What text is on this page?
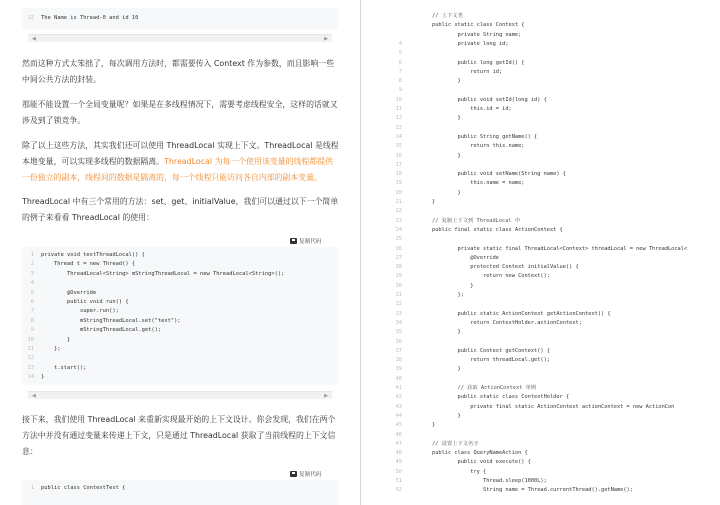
12 The Name is Thread-0 and id 10
◀	▶

然而这种方式太笨拙了，每次调用方法时，都需要传入 Context 作为参数，而且影响一些中间公共方法的封装。

那能不能设置一个全局变量呢？如果是在多线程情况下，需要考虑线程安全，这样的话就又涉及到了锁竞争。

除了以上这些方法，其实我们还可以使用 ThreadLocal 实现上下文。ThreadLocal 是线程本地变量，可以实现多线程的数据隔离。ThreadLocal 为每一个使用该变量的线程都提供一份独立的副本，线程间的数据是隔离的，每一个线程只能访问各自内部的副本变量。

ThreadLocal 中有三个常用的方法：set、get、initialValue，我们可以通过以下一个简单的例子来看看 ThreadLocal 的使用：

复制代码
1 private void testThreadLocal() {
2    Thread t = new Thread() {
3        ThreadLocal<String> mStringThreadLocal = new ThreadLocal<String>();
4
5        @Override
6        public void run() {
7            super.run();
8            mStringThreadLocal.set("test");
9            mStringThreadLocal.get();
10        }
11    };
12
13    t.start();
14 }
◀	▶

接下来，我们使用 ThreadLocal 来重新实现最开始的上下文设计。你会发现，我们在两个方法中并没有通过变量来传递上下文，只是通过 ThreadLocal 获取了当前线程的上下文信息：

复制代码
1 public class ContextTest {
// 上下文类
public static class Context {
private String name;
4	private long id;
5
6	public long getId() {
7	return id;
8	}
9
10	public void setId(long id) {
11	this.id = id;
12	}
13
14	public String getName() {
15	return this.name;
16	}
17
18	public void setName(String name) {
19	this.name = name;
20	}
21	}
22
23	// 复制上下文到 ThreadLocal 中
24	public final static class ActionContext {
25
26	private static final ThreadLocal<Context> threadLocal = new ThreadLocal<
27	@Override
28	protected Context initialValue() {
29	return new Context();
30	}
31	};
32
33	public static ActionContext getActionContext() {
34	return ContextHolder.actionContext;
35	}
36
37	public Context getContext() {
38	return threadLocal.get();
39	}
40
41	// 获取 ActionContext 单例
42	public static class ContextHolder {
43	private final static ActionContext actionContext = new ActionCon
44	}
45	}
46
47	// 设置上下文名字
48	public class QueryNameAction {
49	public void execute() {
50	try {
51	Thread.sleep(1000L);
52	String name = Thread.currentThread().getName();
